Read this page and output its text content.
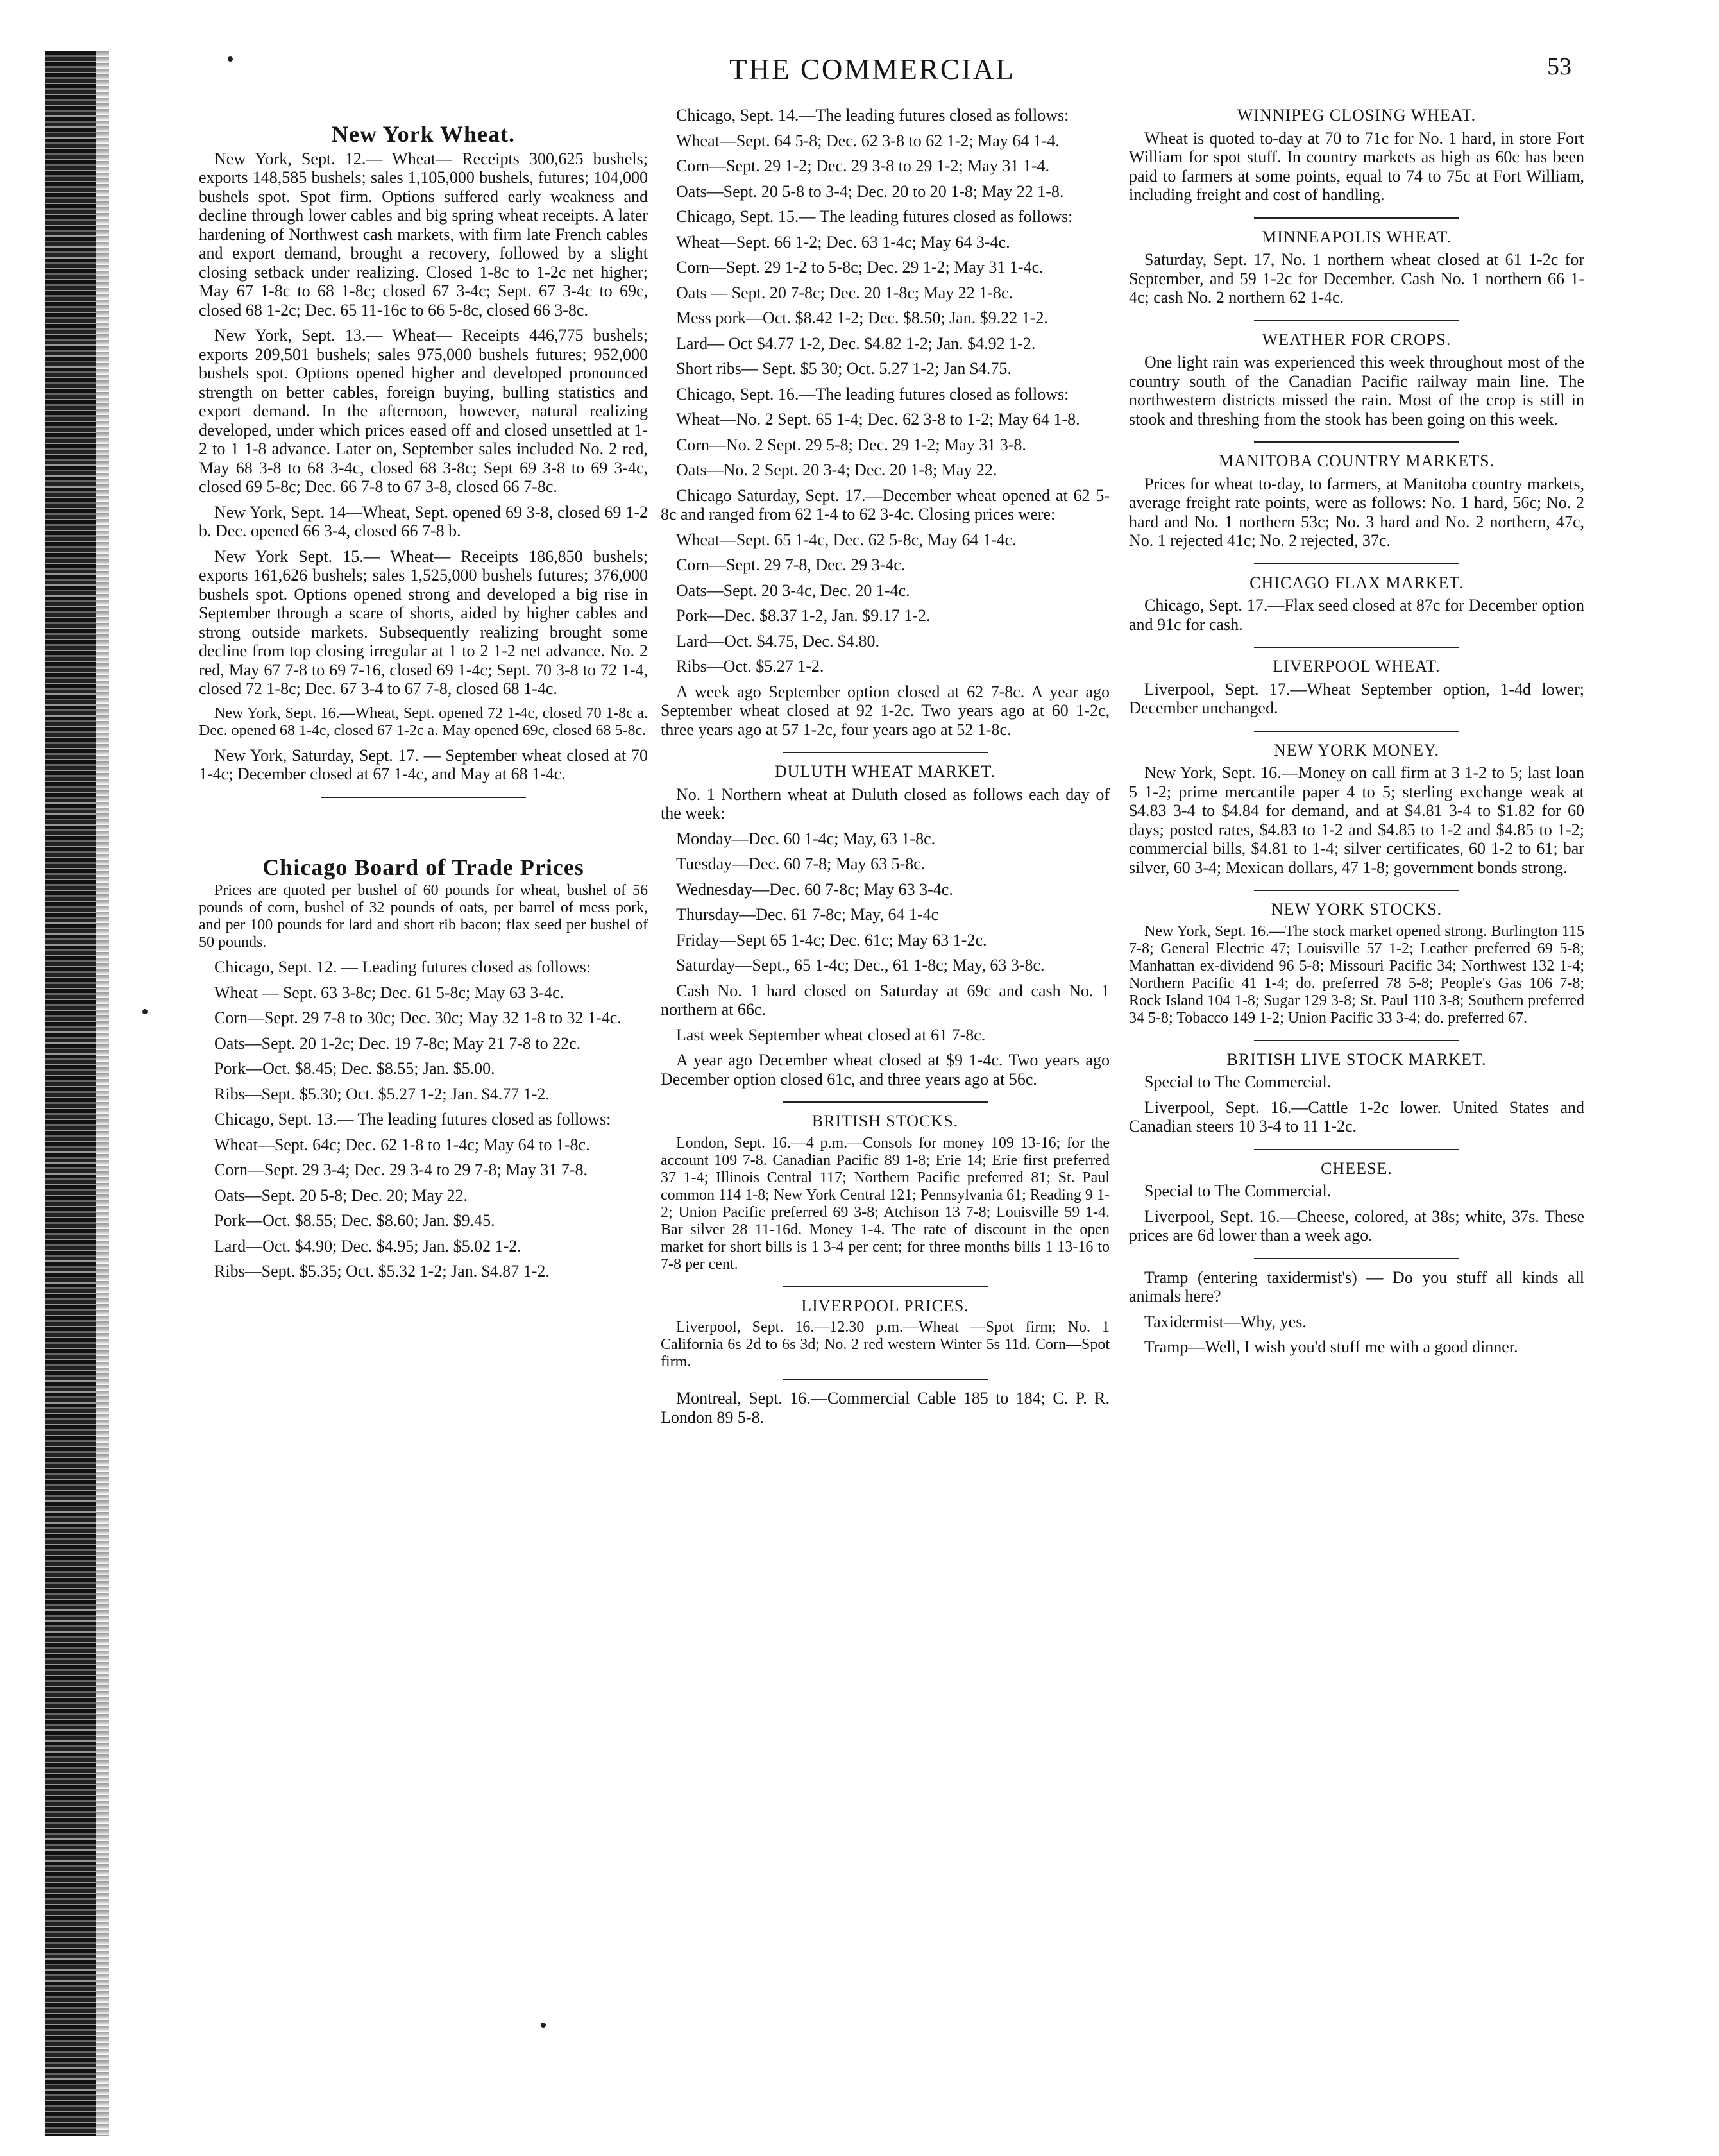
THE COMMERCIAL	53
New York Wheat.

New York, Sept. 12.— Wheat— Receipts 300,625 bushels; exports 148,585 bushels; sales 1,105,000 bushels, futures; 104,000 bushels spot. Spot firm. Options suffered early weakness and decline through lower cables and big spring wheat receipts. A later hardening of Northwest cash markets, with firm late French cables and export demand, brought a recovery, followed by a slight closing setback under realizing. Closed 1-8c to 1-2c net higher; May 67 1-8c to 68 1-8c; closed 67 3-4c; Sept. 67 3-4c to 69c, closed 68 1-2c; Dec. 65 11-16c to 66 5-8c, closed 66 3-8c.

New York, Sept. 13.— Wheat— Receipts 446,775 bushels; exports 209,501 bushels; sales 975,000 bushels futures; 952,000 bushels spot. Options opened higher and developed pronounced strength on better cables, foreign buying, bulling statistics and export demand. In the afternoon, however, natural realizing developed, under which prices eased off and closed unsettled at 1-2 to 1 1-8 advance. Later on, September sales included No. 2 red, May 68 3-8 to 68 3-4c, closed 68 3-8c; Sept 69 3-8 to 69 3-4c, closed 69 5-8c; Dec. 66 7-8 to 67 3-8, closed 66 7-8c.

New York, Sept. 14—Wheat, Sept. opened 69 3-8, closed 69 1-2 b. Dec. opened 66 3-4, closed 66 7-8 b.

New York Sept. 15.— Wheat— Receipts 186,850 bushels; exports 161,626 bushels; sales 1,525,000 bushels futures; 376,000 bushels spot. Options opened strong and developed a big rise in September through a scare of shorts, aided by higher cables and strong outside markets. Subsequently realizing brought some decline from top closing irregular at 1 to 2 1-2 net advance. No. 2 red, May 67 7-8 to 69 7-16, closed 69 1-4c; Sept. 70 3-8 to 72 1-4, closed 72 1-8c; Dec. 67 3-4 to 67 7-8, closed 68 1-4c.

New York, Sept. 16.—Wheat, Sept. opened 72 1-4c, closed 70 1-8c a. Dec. opened 68 1-4c, closed 67 1-2c a. May opened 69c, closed 68 5-8c.

New York, Saturday, Sept. 17. — September wheat closed at 70 1-4c; December closed at 67 1-4c, and May at 68 1-4c.

Chicago Board of Trade Prices

Prices are quoted per bushel of 60 pounds for wheat, bushel of 56 pounds of corn, bushel of 32 pounds of oats, per barrel of mess pork, and per 100 pounds for lard and short rib bacon; flax seed per bushel of 50 pounds.

Chicago, Sept. 12. — Leading futures closed as follows:

Wheat — Sept. 63 3-8c; Dec. 61 5-8c; May 63 3-4c.

Corn—Sept. 29 7-8 to 30c; Dec. 30c; May 32 1-8 to 32 1-4c.

Oats—Sept. 20 1-2c; Dec. 19 7-8c; May 21 7-8 to 22c.

Pork—Oct. $8.45; Dec. $8.55; Jan. $5.00.

Ribs—Sept. $5.30; Oct. $5.27 1-2; Jan. $4.77 1-2.

Chicago, Sept. 13.— The leading futures closed as follows:

Wheat—Sept. 64c; Dec. 62 1-8 to 1-4c; May 64 to 1-8c.

Corn—Sept. 29 3-4; Dec. 29 3-4 to 29 7-8; May 31 7-8.

Oats—Sept. 20 5-8; Dec. 20; May 22.

Pork—Oct. $8.55; Dec. $8.60; Jan. $9.45.

Lard—Oct. $4.90; Dec. $4.95; Jan. $5.02 1-2.

Ribs—Sept. $5.35; Oct. $5.32 1-2; Jan. $4.87 1-2.

Chicago, Sept. 14.—The leading futures closed as follows:

Wheat—Sept. 64 5-8; Dec. 62 3-8 to 62 1-2; May 64 1-4.

Corn—Sept. 29 1-2; Dec. 29 3-8 to 29 1-2; May 31 1-4.

Oats—Sept. 20 5-8 to 3-4; Dec. 20 to 20 1-8; May 22 1-8.

Chicago, Sept. 15.— The leading futures closed as follows:

Wheat—Sept. 66 1-2; Dec. 63 1-4c; May 64 3-4c.

Corn—Sept. 29 1-2 to 5-8c; Dec. 29 1-2; May 31 1-4c.

Oats — Sept. 20 7-8c; Dec. 20 1-8c; May 22 1-8c.

Mess pork—Oct. $8.42 1-2; Dec. $8.50; Jan. $9.22 1-2.

Lard— Oct $4.77 1-2, Dec. $4.82 1-2; Jan. $4.92 1-2.

Short ribs— Sept. $5 30; Oct. 5.27 1-2; Jan $4.75.

Chicago, Sept. 16.—The leading futures closed as follows:

Wheat—No. 2 Sept. 65 1-4; Dec. 62 3-8 to 1-2; May 64 1-8.

Corn—No. 2 Sept. 29 5-8; Dec. 29 1-2; May 31 3-8.

Oats—No. 2 Sept. 20 3-4; Dec. 20 1-8; May 22.

Chicago Saturday, Sept. 17.—December wheat opened at 62 5-8c and ranged from 62 1-4 to 62 3-4c. Closing prices were:

Wheat—Sept. 65 1-4c, Dec. 62 5-8c, May 64 1-4c.

Corn—Sept. 29 7-8, Dec. 29 3-4c.

Oats—Sept. 20 3-4c, Dec. 20 1-4c.

Pork—Dec. $8.37 1-2, Jan. $9.17 1-2.

Lard—Oct. $4.75, Dec. $4.80.

Ribs—Oct. $5.27 1-2.

A week ago September option closed at 62 7-8c. A year ago September wheat closed at 92 1-2c. Two years ago at 60 1-2c, three years ago at 57 1-2c, four years ago at 52 1-8c.

DULUTH WHEAT MARKET.

No. 1 Northern wheat at Duluth closed as follows each day of the week:

Monday—Dec. 60 1-4c; May, 63 1-8c.

Tuesday—Dec. 60 7-8; May 63 5-8c.

Wednesday—Dec. 60 7-8c; May 63 3-4c.

Thursday—Dec. 61 7-8c; May, 64 1-4c

Friday—Sept 65 1-4c; Dec. 61c; May 63 1-2c.

Saturday—Sept., 65 1-4c; Dec., 61 1-8c; May, 63 3-8c.

Cash No. 1 hard closed on Saturday at 69c and cash No. 1 northern at 66c.

Last week September wheat closed at 61 7-8c.

A year ago December wheat closed at $9 1-4c. Two years ago December option closed 61c, and three years ago at 56c.

BRITISH STOCKS.

London, Sept. 16.—4 p.m.—Consols for money 109 13-16; for the account 109 7-8. Canadian Pacific 89 1-8; Erie 14; Erie first preferred 37 1-4; Illinois Central 117; Northern Pacific preferred 81; St. Paul common 114 1-8; New York Central 121; Pennsylvania 61; Reading 9 1-2; Union Pacific preferred 69 3-8; Atchison 13 7-8; Louisville 59 1-4. Bar silver 28 11-16d. Money 1-4. The rate of discount in the open market for short bills is 1 3-4 per cent; for three months bills 1 13-16 to 7-8 per cent.

LIVERPOOL PRICES.

Liverpool, Sept. 16.—12.30 p.m.—Wheat —Spot firm; No. 1 California 6s 2d to 6s 3d; No. 2 red western Winter 5s 11d. Corn—Spot firm.

Montreal, Sept. 16.—Commercial Cable 185 to 184; C. P. R. London 89 5-8.

WINNIPEG CLOSING WHEAT.

Wheat is quoted to-day at 70 to 71c for No. 1 hard, in store Fort William for spot stuff. In country markets as high as 60c has been paid to farmers at some points, equal to 74 to 75c at Fort William, including freight and cost of handling.

MINNEAPOLIS WHEAT.

Saturday, Sept. 17, No. 1 northern wheat closed at 61 1-2c for September, and 59 1-2c for December. Cash No. 1 northern 66 1-4c; cash No. 2 northern 62 1-4c.

WEATHER FOR CROPS.

One light rain was experienced this week throughout most of the country south of the Canadian Pacific railway main line. The northwestern districts missed the rain. Most of the crop is still in stook and threshing from the stook has been going on this week.

MANITOBA COUNTRY MARKETS.

Prices for wheat to-day, to farmers, at Manitoba country markets, average freight rate points, were as follows: No. 1 hard, 56c; No. 2 hard and No. 1 northern 53c; No. 3 hard and No. 2 northern, 47c, No. 1 rejected 41c; No. 2 rejected, 37c.

CHICAGO FLAX MARKET.

Chicago, Sept. 17.—Flax seed closed at 87c for December option and 91c for cash.

LIVERPOOL WHEAT.

Liverpool, Sept. 17.—Wheat September option, 1-4d lower; December unchanged.

NEW YORK MONEY.

New York, Sept. 16.—Money on call firm at 3 1-2 to 5; last loan 5 1-2; prime mercantile paper 4 to 5; sterling exchange weak at $4.83 3-4 to $4.84 for demand, and at $4.81 3-4 to $1.82 for 60 days; posted rates, $4.83 to 1-2 and $4.85 to 1-2 and $4.85 to 1-2; commercial bills, $4.81 to 1-4; silver certificates, 60 1-2 to 61; bar silver, 60 3-4; Mexican dollars, 47 1-8; government bonds strong.

NEW YORK STOCKS.

New York, Sept. 16.—The stock market opened strong. Burlington 115 7-8; General Electric 47; Louisville 57 1-2; Leather preferred 69 5-8; Manhattan ex-dividend 96 5-8; Missouri Pacific 34; Northwest 132 1-4; Northern Pacific 41 1-4; do. preferred 78 5-8; People's Gas 106 7-8; Rock Island 104 1-8; Sugar 129 3-8; St. Paul 110 3-8; Southern preferred 34 5-8; Tobacco 149 1-2; Union Pacific 33 3-4; do. preferred 67.

BRITISH LIVE STOCK MARKET.

Special to The Commercial.

Liverpool, Sept. 16.—Cattle 1-2c lower. United States and Canadian steers 10 3-4 to 11 1-2c.

CHEESE.

Special to The Commercial.

Liverpool, Sept. 16.—Cheese, colored, at 38s; white, 37s. These prices are 6d lower than a week ago.

Tramp (entering taxidermist's) — Do you stuff all kinds all animals here?

Taxidermist—Why, yes.

Tramp—Well, I wish you'd stuff me with a good dinner.
